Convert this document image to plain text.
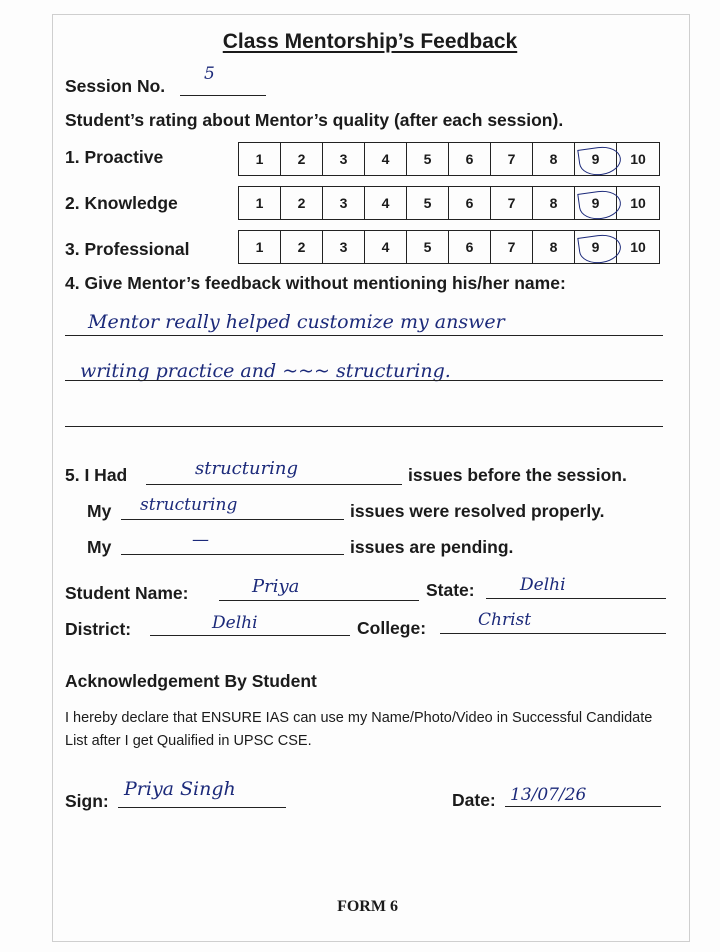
Class Mentorship’s Feedback
Session No.
5
Student’s rating about Mentor’s quality (after each session).
1. Proactive	1	2	3	4	5	6	7	8	9	10
2. Knowledge	1	2	3	4	5	6	7	8	9	10
3. Professional	1	2	3	4	5	6	7	8	9	10
4. Give Mentor’s feedback without mentioning his/her name:
Mentor really helped customize my answer
writing practice and ~~~ structuring.
5. I Had	structuring	issues before the session.
My structuring	issues were resolved properly.
My	—	issues are pending.
Student Name:	Priya	State:	Delhi
District:	Delhi	College:	Christ
Acknowledgement By Student
I hereby declare that ENSURE IAS can use my Name/Photo/Video in Successful Candidate List after I get Qualified in UPSC CSE.
Sign:
Priya Singh	Date: 13/07/26
FORM 6
